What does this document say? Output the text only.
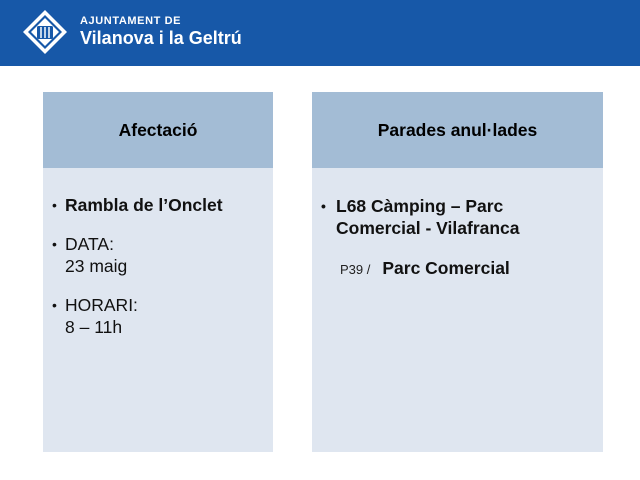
AJUNTAMENT DE
Vilanova i la Geltrú
Afectació
• Rambla de l’Onclet
• DATA:
23 maig
• HORARI:
8 – 11h
Parades anul·lades
• L68 Càmping – Parc
Comercial - Vilafranca
P39 / Parc Comercial
